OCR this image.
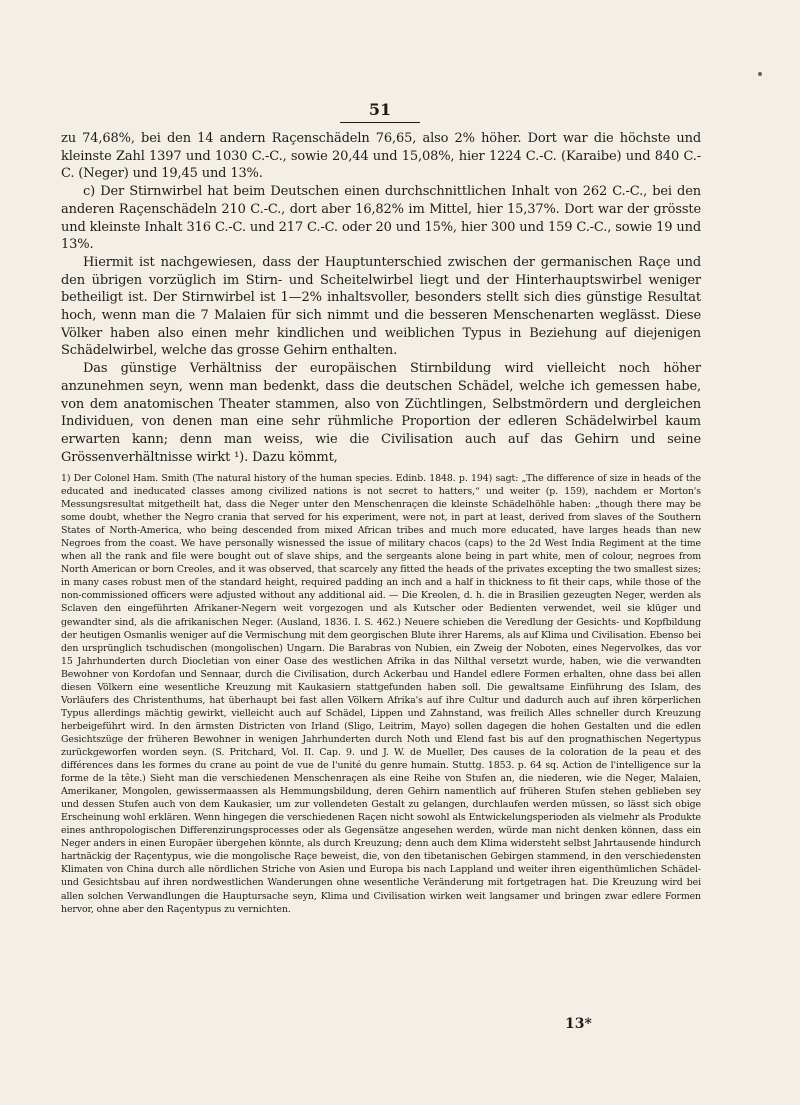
51

zu 74,68%, bei den 14 andern Raçenschädeln 76,65, also 2% höher. Dort war die höchste und kleinste Zahl 1397 und 1030 C.-C., sowie 20,44 und 15,08%, hier 1224 C.-C. (Karaibe) und 840 C.-C. (Neger) und 19,45 und 13%.

c) Der Stirnwirbel hat beim Deutschen einen durchschnittlichen Inhalt von 262 C.-C., bei den anderen Raçenschädeln 210 C.-C., dort aber 16,82% im Mittel, hier 15,37%. Dort war der grösste und kleinste Inhalt 316 C.-C. und 217 C.-C. oder 20 und 15%, hier 300 und 159 C.-C., sowie 19 und 13%.

Hiermit ist nachgewiesen, dass der Hauptunterschied zwischen der germanischen Raçe und den übrigen vorzüglich im Stirn- und Scheitelwirbel liegt und der Hinterhauptswirbel weniger betheiligt ist. Der Stirnwirbel ist 1—2% inhaltsvoller, besonders stellt sich dies günstige Resultat hoch, wenn man die 7 Malaien für sich nimmt und die besseren Menschenarten weglässt. Diese Völker haben also einen mehr kindlichen und weiblichen Typus in Beziehung auf diejenigen Schädelwirbel, welche das grosse Gehirn enthalten.

Das günstige Verhältniss der europäischen Stirnbildung wird vielleicht noch höher anzunehmen seyn, wenn man bedenkt, dass die deutschen Schädel, welche ich gemessen habe, von dem anatomischen Theater stammen, also von Züchtlingen, Selbstmördern und dergleichen Individuen, von denen man eine sehr rühmliche Proportion der edleren Schädelwirbel kaum erwarten kann; denn man weiss, wie die Civilisation auch auf das Gehirn und seine Grössenverhältnisse wirkt ¹). Dazu kömmt,

1) Der Colonel Ham. Smith (The natural history of the human species. Edinb. 1848. p. 194) sagt: „The difference of size in heads of the educated and ineducated classes among civilized nations is not secret to hatters,“ und weiter (p. 159), nachdem er Morton's Messungsresultat mitgetheilt hat, dass die Neger unter den Menschenraçen die kleinste Schädelhöhle haben: „though there may be some doubt, whether the Negro crania that served for his experiment, were not, in part at least, derived from slaves of the Southern States of North-America, who being descended from mixed African tribes and much more educated, have larges heads than new Negroes from the coast. We have personally wisnessed the issue of military chacos (caps) to the 2d West India Regiment at the time when all the rank and file were bought out of slave ships, and the sergeants alone being in part white, men of colour, negroes from North American or born Creoles, and it was observed, that scarcely any fitted the heads of the privates excepting the two smallest sizes; in many cases robust men of the standard height, required padding an inch and a half in thickness to fit their caps, while those of the non-commissioned officers were adjusted without any additional aid. — Die Kreolen, d. h. die in Brasilien gezeugten Neger, werden als Sclaven den eingeführten Afrikaner-Negern weit vorgezogen und als Kutscher oder Bedienten verwendet, weil sie klüger und gewandter sind, als die afrikanischen Neger. (Ausland, 1836. I. S. 462.) Neuere schieben die Veredlung der Gesichts- und Kopfbildung der heutigen Osmanlis weniger auf die Vermischung mit dem georgischen Blute ihrer Harems, als auf Klima und Civilisation. Ebenso bei den ursprünglich tschudischen (mongolischen) Ungarn. Die Barabras von Nubien, ein Zweig der Noboten, eines Negervolkes, das vor 15 Jahrhunderten durch Diocletian von einer Oase des westlichen Afrika in das Nilthal versetzt wurde, haben, wie die verwandten Bewohner von Kordofan und Sennaar, durch die Civilisation, durch Ackerbau und Handel edlere Formen erhalten, ohne dass bei allen diesen Völkern eine wesentliche Kreuzung mit Kaukasiern stattgefunden haben soll. Die gewaltsame Einführung des Islam, des Vorläufers des Christenthums, hat überhaupt bei fast allen Völkern Afrika's auf ihre Cultur und dadurch auch auf ihren körperlichen Typus allerdings mächtig gewirkt, vielleicht auch auf Schädel, Lippen und Zahnstand, was freilich Alles schneller durch Kreuzung herbeigeführt wird. In den ärmsten Districten von Irland (Sligo, Leitrim, Mayo) sollen dagegen die hohen Gestalten und die edlen Gesichtszüge der früheren Bewohner in wenigen Jahrhunderten durch Noth und Elend fast bis auf den prognathischen Negertypus zurückgeworfen worden seyn. (S. Pritchard, Vol. II. Cap. 9. und J. W. de Mueller, Des causes de la coloration de la peau et des différences dans les formes du crane au point de vue de l'unité du genre humain. Stuttg. 1853. p. 64 sq. Action de l'intelligence sur la forme de la tête.) Sieht man die verschiedenen Menschenraçen als eine Reihe von Stufen an, die niederen, wie die Neger, Malaien, Amerikaner, Mongolen, gewissermaassen als Hemmungsbildung, deren Gehirn namentlich auf früheren Stufen stehen geblieben sey und dessen Stufen auch von dem Kaukasier, um zur vollendeten Gestalt zu gelangen, durchlaufen werden müssen, so lässt sich obige Erscheinung wohl erklären. Wenn hingegen die verschiedenen Raçen nicht sowohl als Entwickelungsperioden als vielmehr als Produkte eines anthropologischen Differenzirungsprocesses oder als Gegensätze angesehen werden, würde man nicht denken können, dass ein Neger anders in einen Europäer übergehen könnte, als durch Kreuzung; denn auch dem Klima widersteht selbst Jahrtausende hindurch hartnäckig der Raçentypus, wie die mongolische Raçe beweist, die, von den tibetanischen Gebirgen stammend, in den verschiedensten Klimaten von China durch alle nördlichen Striche von Asien und Europa bis nach Lappland und weiter ihren eigenthümlichen Schädel- und Gesichtsbau auf ihren nordwestlichen Wanderungen ohne wesentliche Veränderung mit fortgetragen hat. Die Kreuzung wird bei allen solchen Verwandlungen die Hauptursache seyn, Klima und Civilisation wirken weit langsamer und bringen zwar edlere Formen hervor, ohne aber den Raçentypus zu vernichten.

13*
